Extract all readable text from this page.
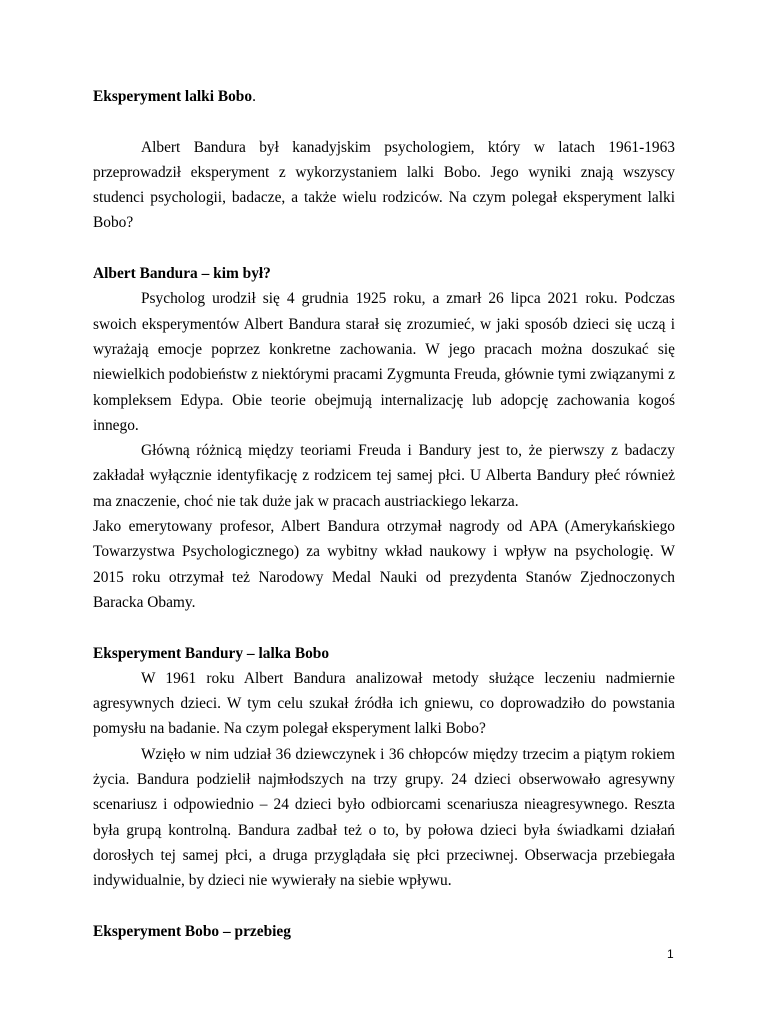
Eksperyment lalki Bobo.

Albert Bandura był kanadyjskim psychologiem, który w latach 1961-1963 przeprowadził eksperyment z wykorzystaniem lalki Bobo. Jego wyniki znają wszyscy studenci psychologii, badacze, a także wielu rodziców. Na czym polegał eksperyment lalki Bobo?

Albert Bandura – kim był?

Psycholog urodził się 4 grudnia 1925 roku, a zmarł 26 lipca 2021 roku. Podczas swoich eksperymentów Albert Bandura starał się zrozumieć, w jaki sposób dzieci się uczą i wyrażają emocje poprzez konkretne zachowania. W jego pracach można doszukać się niewielkich podobieństw z niektórymi pracami Zygmunta Freuda, głównie tymi związanymi z kompleksem Edypa. Obie teorie obejmują internalizację lub adopcję zachowania kogoś innego.

Główną różnicą między teoriami Freuda i Bandury jest to, że pierwszy z badaczy zakładał wyłącznie identyfikację z rodzicem tej samej płci. U Alberta Bandury płeć również ma znaczenie, choć nie tak duże jak w pracach austriackiego lekarza.

Jako emerytowany profesor, Albert Bandura otrzymał nagrody od APA (Amerykańskiego Towarzystwa Psychologicznego) za wybitny wkład naukowy i wpływ na psychologię. W 2015 roku otrzymał też Narodowy Medal Nauki od prezydenta Stanów Zjednoczonych Baracka Obamy.

Eksperyment Bandury – lalka Bobo

W 1961 roku Albert Bandura analizował metody służące leczeniu nadmiernie agresywnych dzieci. W tym celu szukał źródła ich gniewu, co doprowadziło do powstania pomysłu na badanie. Na czym polegał eksperyment lalki Bobo?

Wzięło w nim udział 36 dziewczynek i 36 chłopców między trzecim a piątym rokiem życia. Bandura podzielił najmłodszych na trzy grupy. 24 dzieci obserwowało agresywny scenariusz i odpowiednio – 24 dzieci było odbiorcami scenariusza nieagresywnego. Reszta była grupą kontrolną. Bandura zadbał też o to, by połowa dzieci była świadkami działań dorosłych tej samej płci, a druga przyglądała się płci przeciwnej. Obserwacja przebiegała indywidualnie, by dzieci nie wywierały na siebie wpływu.

Eksperyment Bobo – przebieg

1
